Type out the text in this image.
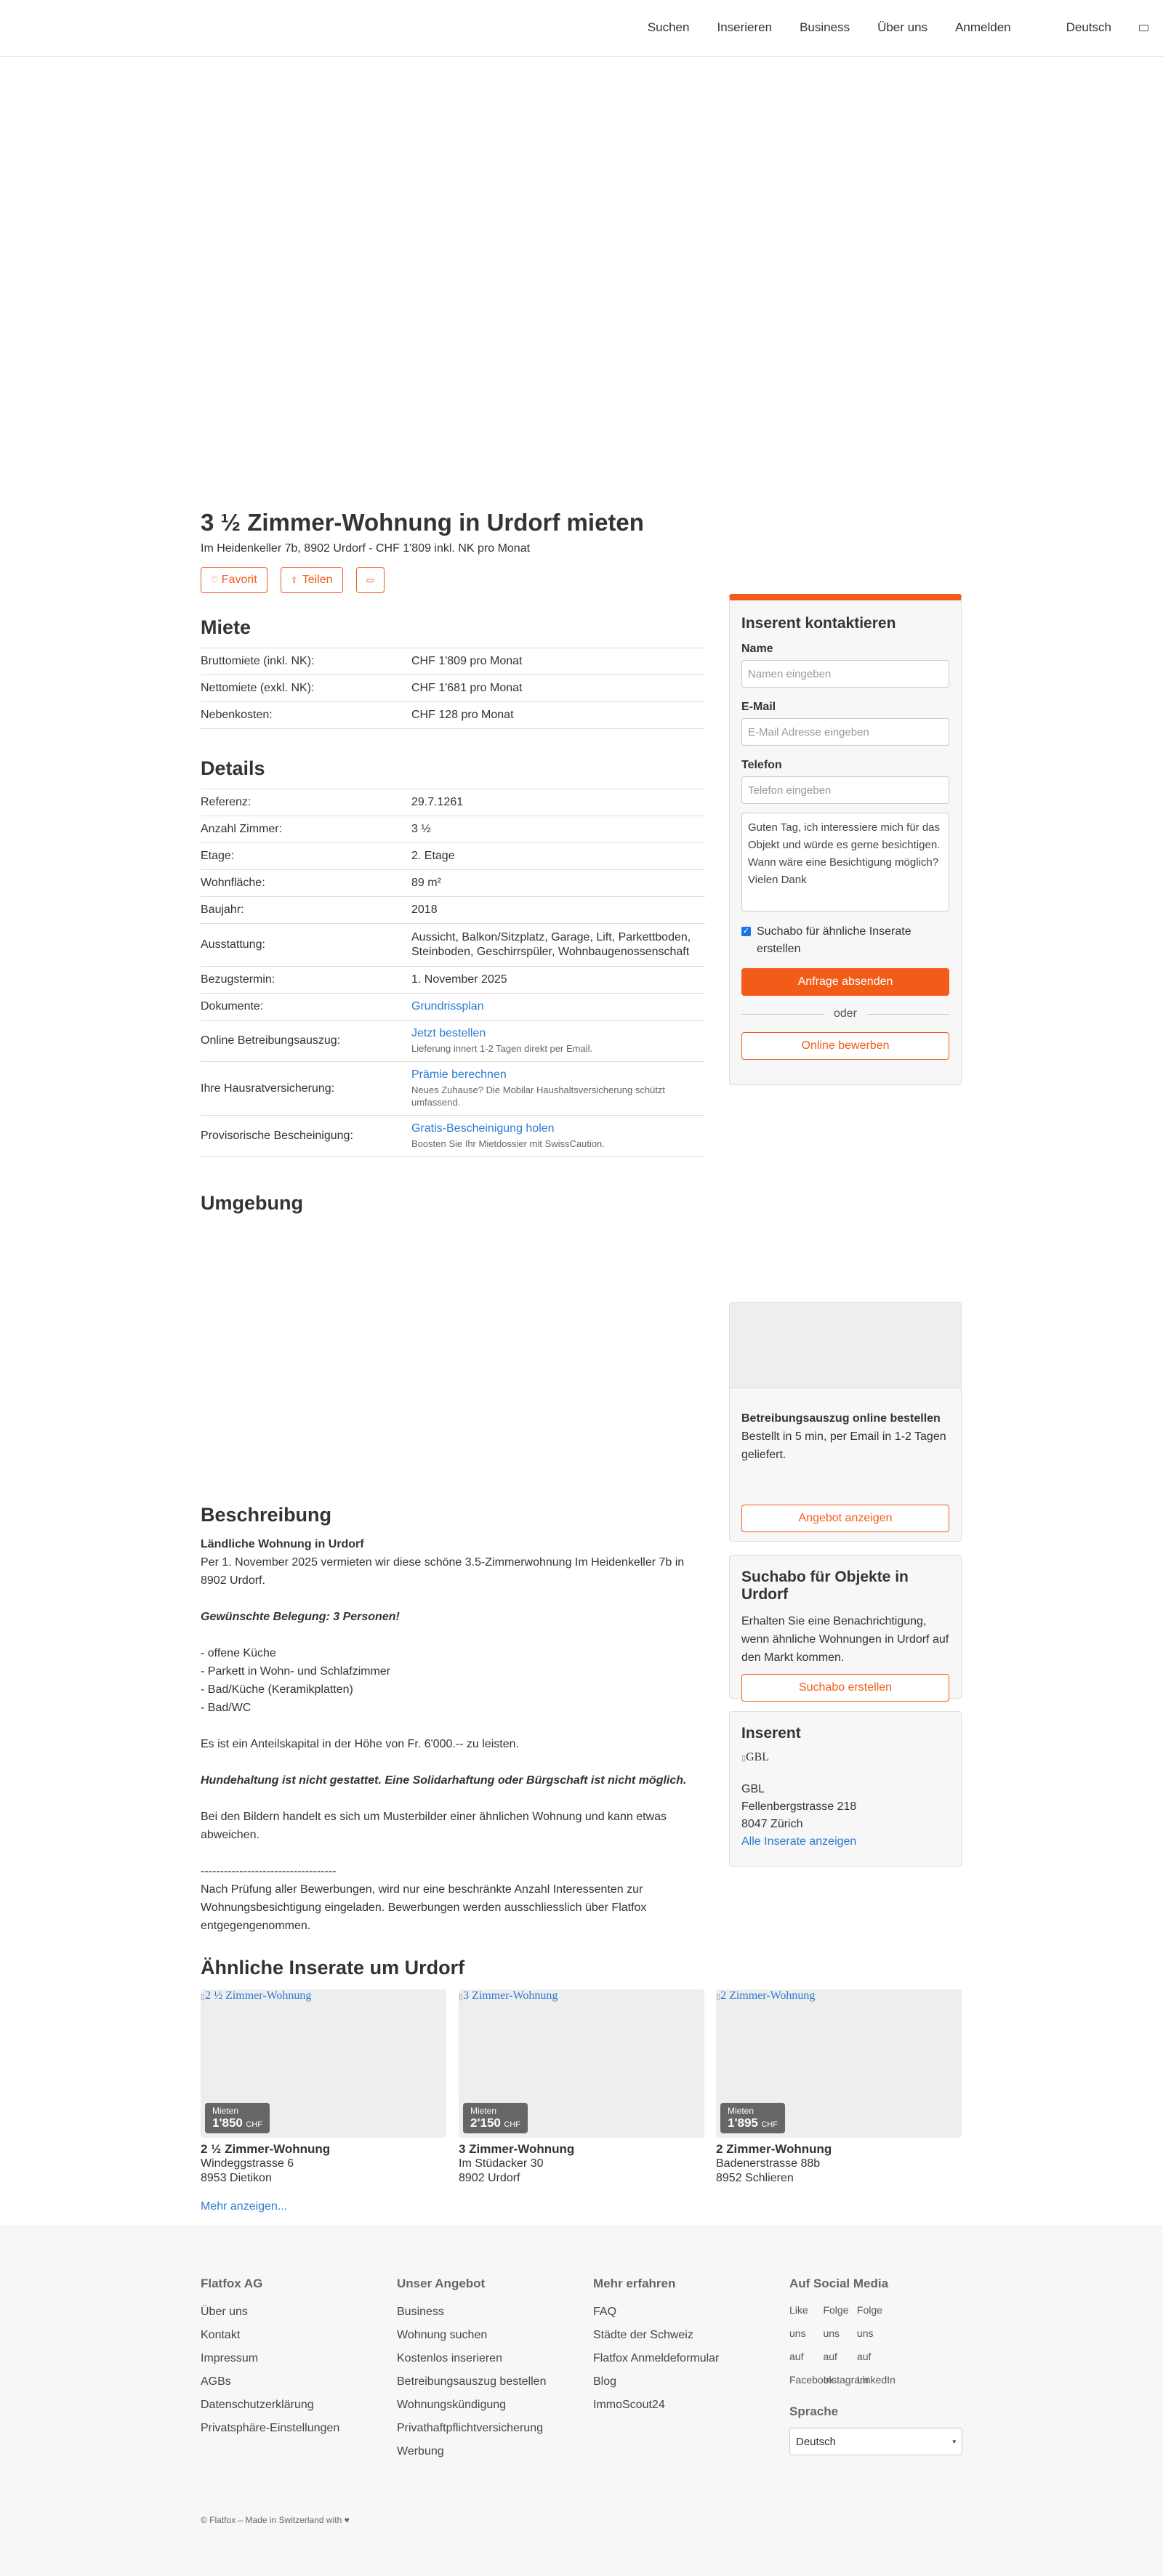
Suchen Inserieren Business Über uns Anmelden	Deutsch
3 ½ Zimmer-Wohnung in Urdorf mieten
Im Heidenkeller 7b, 8902 Urdorf - CHF 1'809 inkl. NK pro Monat
♡ Favorit	⇪ Teilen	▭
Miete
Bruttomiete (inkl. NK):	CHF 1'809 pro Monat
Nettomiete (exkl. NK):	CHF 1'681 pro Monat
Nebenkosten:	CHF 128 pro Monat
Details
Referenz:	29.7.1261
Anzahl Zimmer:	3 ½
Etage:	2. Etage
Wohnfläche:	89 m²
Baujahr:	2018
Ausstattung:	Aussicht, Balkon/Sitzplatz, Garage, Lift, Parkettboden, Steinboden, Geschirrspüler, Wohnbaugenossenschaft
Bezugstermin:	1. November 2025
Dokumente:	Grundrissplan
Online Betreibungsauszug:	Jetzt bestellen
Lieferung innert 1-2 Tagen direkt per Email.

Ihre Hausratversicherung:	Prämie berechnen
Neues Zuhause? Die Mobilar Haushaltsversicherung schützt umfassend.

Provisorische Bescheinigung:	Gratis-Bescheinigung holen
Boosten Sie Ihr Mietdossier mit SwissCaution.
Umgebung
Inserent kontaktieren
Name
Namen eingeben
E-Mail
E-Mail Adresse eingeben
Telefon
Telefon eingeben
Guten Tag, ich interessiere mich für das Objekt und würde es gerne besichtigen. Wann wäre eine Besichtigung möglich? Vielen Dank
✓ Suchabo für ähnliche Inserate erstellen
Anfrage absenden
oder
Online bewerben
Betreibungsauszug online bestellen
Bestellt in 5 min, per Email in 1-2 Tagen geliefert.
Angebot anzeigen
Suchabo für Objekte in Urdorf
Erhalten Sie eine Benachrichtigung, wenn ähnliche Wohnungen in Urdorf auf den Markt kommen.
Suchabo erstellen
Inserent
▯GBL
GBL
Fellenbergstrasse 218
8047 Zürich
Alle Inserate anzeigen
Beschreibung

Ländliche Wohnung in Urdorf

Per 1. November 2025 vermieten wir diese schöne 3.5-Zimmerwohnung Im Heidenkeller 7b in 8902 Urdorf.

Gewünschte Belegung: 3 Personen!

- offene Küche

- Parkett in Wohn- und Schlafzimmer

- Bad/Küche (Keramikplatten)

- Bad/WC

Es ist ein Anteilskapital in der Höhe von Fr. 6'000.-- zu leisten.

Hundehaltung ist nicht gestattet. Eine Solidarhaftung oder Bürgschaft ist nicht möglich.

Bei den Bildern handelt es sich um Musterbilder einer ähnlichen Wohnung und kann etwas abweichen.

-----------------------------------

Nach Prüfung aller Bewerbungen, wird nur eine beschränkte Anzahl Interessenten zur Wohnungsbesichtigung eingeladen. Bewerbungen werden ausschliesslich über Flatfox entgegengenommen.

Ähnliche Inserate um Urdorf
▯2 ½ Zimmer-Wohnung
Mieten
1'850 CHF
2 ½ Zimmer-Wohnung
Windeggstrasse 6
8953 Dietikon
▯3 Zimmer-Wohnung
Mieten
2'150 CHF
3 Zimmer-Wohnung
Im Stüdacker 30
8902 Urdorf
▯2 Zimmer-Wohnung
Mieten
1'895 CHF
2 Zimmer-Wohnung
Badenerstrasse 88b
8952 Schlieren
Mehr anzeigen...
Flatfox AG
Über uns
Kontakt
Impressum
AGBs
Datenschutzerklärung
Privatsphäre-Einstellungen
Unser Angebot
Business
Wohnung suchen
Kostenlos inserieren
Betreibungsauszug bestellen
Wohnungskündigung
Privathaftpflichtversicherung
Werbung
Mehr erfahren
FAQ
Städte der Schweiz
Flatfox Anmeldeformular
Blog
ImmoScout24
Auf Social Media
Like
uns
auf
Facebook Folge
uns
auf
Instagram Folge
uns
auf
LinkedIn
Sprache
Deutsch	▾
© Flatfox – Made in Switzerland with ♥
